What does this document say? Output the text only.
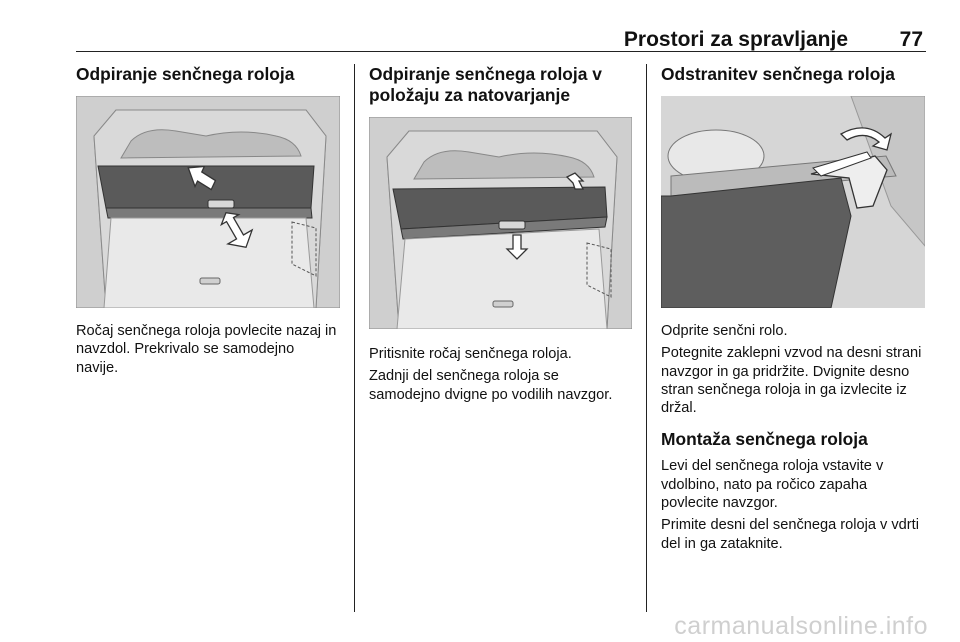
Prostori za spravljanje 77
Odpiranje senčnega roloja

Ročaj senčnega roloja povlecite nazaj in navzdol. Prekrivalo se samodejno navije.

Odpiranje senčnega roloja v položaju za natovarjanje

Pritisnite ročaj senčnega roloja.

Zadnji del senčnega roloja se samodejno dvigne po vodilih navzgor.

Odstranitev senčnega roloja

Odprite senčni rolo.

Potegnite zaklepni vzvod na desni strani navzgor in ga pridržite. Dvignite desno stran senčnega roloja in ga izvlecite iz držal.

Montaža senčnega roloja

Levi del senčnega roloja vstavite v vdolbino, nato pa ročico zapaha povlecite navzgor.

Primite desni del senčnega roloja v vdrti del in ga zataknite.

carmanualsonline.info
